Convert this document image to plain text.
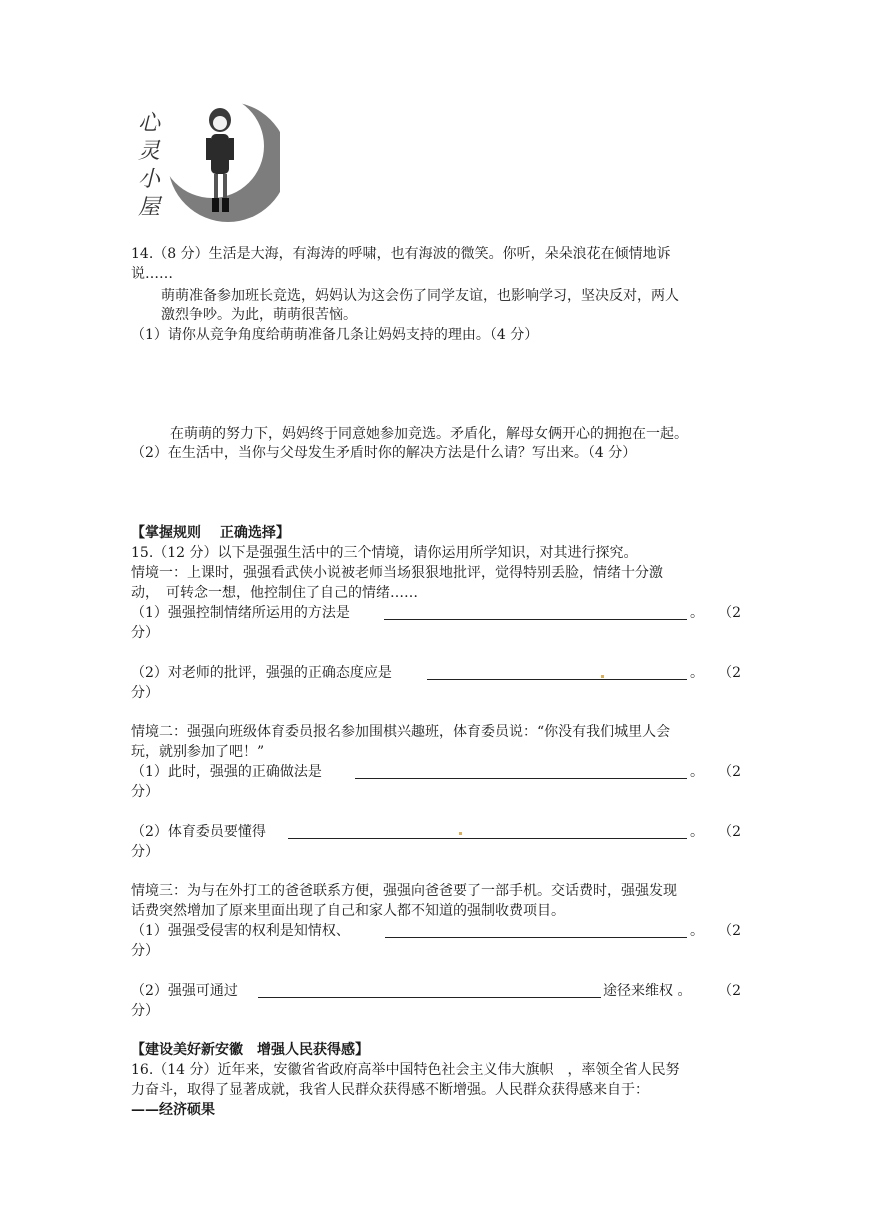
心
灵
小
屋
14.（8 分）生活是大海，有海涛的呼啸，也有海波的微笑。你听，朵朵浪花在倾情地诉
说……
萌萌准备参加班长竞选，妈妈认为这会伤了同学友谊，也影响学习，坚决反对，两人
激烈争吵。为此，萌萌很苦恼。
（1）请你从竞争角度给萌萌准备几条让妈妈支持的理由。（4 分）
在萌萌的努力下，妈妈终于同意她参加竞选。矛盾化，解母女俩开心的拥抱在一起。
（2）在生活中，当你与父母发生矛盾时你的解决方法是什么请？写出来。（4 分）
【掌握规则　 正确选择】
15.（12 分）以下是强强生活中的三个情境，请你运用所学知识，对其进行探究。
情境一：上课时，强强看武侠小说被老师当场狠狠地批评，觉得特别丢脸，情绪十分激
动，　可转念一想，他控制住了自己的情绪……
（1）强强控制情绪所运用的方法是	。 （2
分）
（2）对老师的批评，强强的正确态度应是	。 （2
分）
情境二：强强向班级体育委员报名参加围棋兴趣班，体育委员说：“你没有我们城里人会
玩，就别参加了吧！”
（1）此时，强强的正确做法是	。 （2
分）
（2）体育委员要懂得	。 （2
分）
情境三：为与在外打工的爸爸联系方便，强强向爸爸要了一部手机。交话费时，强强发现
话费突然增加了原来里面出现了自己和家人都不知道的强制收费项目。
（1）强强受侵害的权利是知情权、	。 （2
分）
（2）强强可通过	途径来维权 。 （2
分）
【建设美好新安徽　增强人民获得感】
16.（14 分）近年来，安徽省省政府高举中国特色社会主义伟大旗帜　，率领全省人民努
力奋斗，取得了显著成就，我省人民群众获得感不断增强。人民群众获得感来自于：
——经济硕果
